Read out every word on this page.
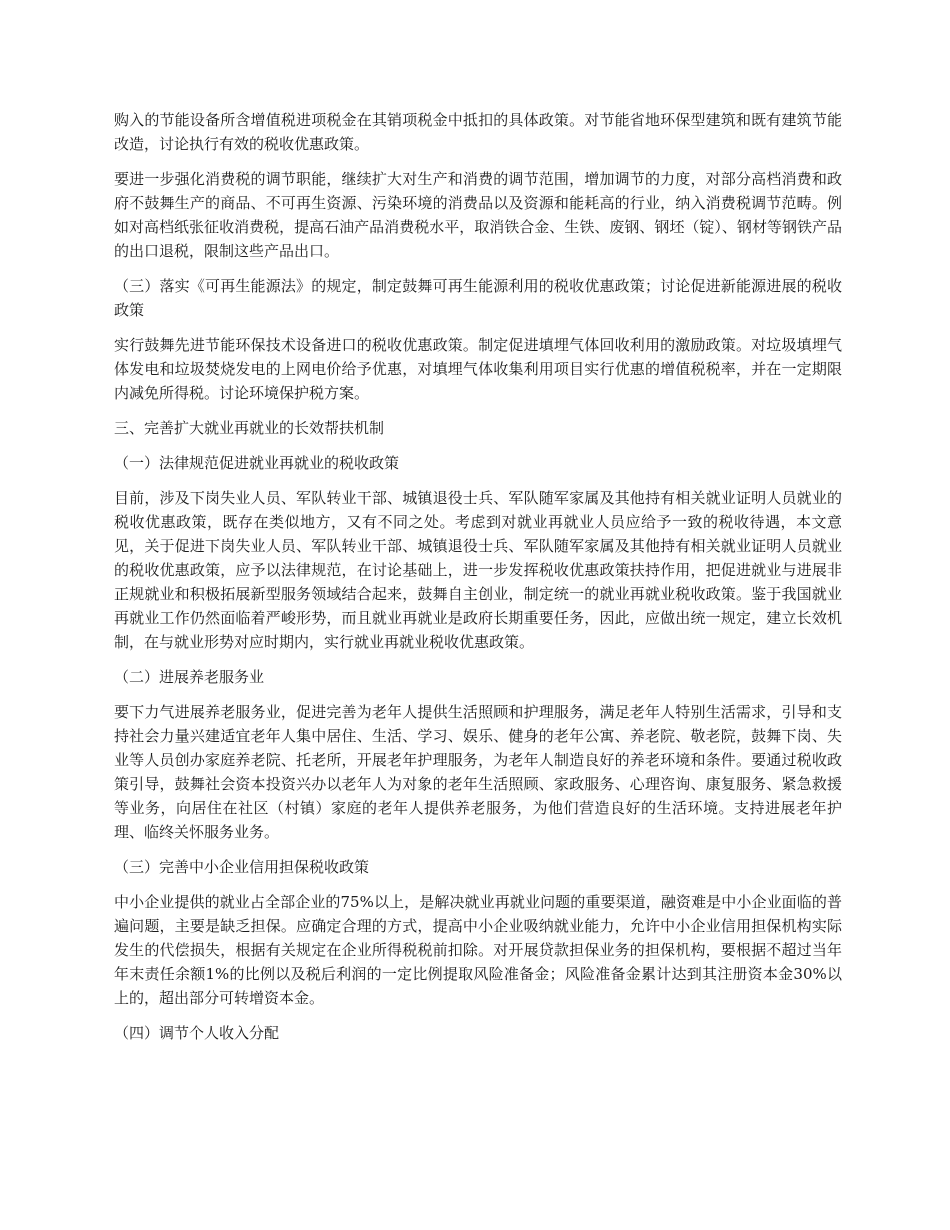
购入的节能设备所含增值税进项税金在其销项税金中抵扣的具体政策。对节能省地环保型建筑和既有建筑节能改造，讨论执行有效的税收优惠政策。

要进一步强化消费税的调节职能，继续扩大对生产和消费的调节范围，增加调节的力度，对部分高档消费和政府不鼓舞生产的商品、不可再生资源、污染环境的消费品以及资源和能耗高的行业，纳入消费税调节范畴。例如对高档纸张征收消费税，提高石油产品消费税水平，取消铁合金、生铁、废钢、钢坯（锭）、钢材等钢铁产品的出口退税，限制这些产品出口。

（三）落实《可再生能源法》的规定，制定鼓舞可再生能源利用的税收优惠政策；讨论促进新能源进展的税收政策

实行鼓舞先进节能环保技术设备进口的税收优惠政策。制定促进填埋气体回收利用的激励政策。对垃圾填埋气体发电和垃圾焚烧发电的上网电价给予优惠，对填埋气体收集利用项目实行优惠的增值税税率，并在一定期限内减免所得税。讨论环境保护税方案。

三、完善扩大就业再就业的长效帮扶机制

（一）法律规范促进就业再就业的税收政策

目前，涉及下岗失业人员、军队转业干部、城镇退役士兵、军队随军家属及其他持有相关就业证明人员就业的税收优惠政策，既存在类似地方，又有不同之处。考虑到对就业再就业人员应给予一致的税收待遇，本文意见，关于促进下岗失业人员、军队转业干部、城镇退役士兵、军队随军家属及其他持有相关就业证明人员就业的税收优惠政策，应予以法律规范，在讨论基础上，进一步发挥税收优惠政策扶持作用，把促进就业与进展非正规就业和积极拓展新型服务领域结合起来，鼓舞自主创业，制定统一的就业再就业税收政策。鉴于我国就业再就业工作仍然面临着严峻形势，而且就业再就业是政府长期重要任务，因此，应做出统一规定，建立长效机制，在与就业形势对应时期内，实行就业再就业税收优惠政策。

（二）进展养老服务业

要下力气进展养老服务业，促进完善为老年人提供生活照顾和护理服务，满足老年人特别生活需求，引导和支持社会力量兴建适宜老年人集中居住、生活、学习、娱乐、健身的老年公寓、养老院、敬老院，鼓舞下岗、失业等人员创办家庭养老院、托老所，开展老年护理服务，为老年人制造良好的养老环境和条件。要通过税收政策引导，鼓舞社会资本投资兴办以老年人为对象的老年生活照顾、家政服务、心理咨询、康复服务、紧急救援等业务，向居住在社区（村镇）家庭的老年人提供养老服务，为他们营造良好的生活环境。支持进展老年护理、临终关怀服务业务。

（三）完善中小企业信用担保税收政策

中小企业提供的就业占全部企业的75%以上，是解决就业再就业问题的重要渠道，融资难是中小企业面临的普遍问题，主要是缺乏担保。应确定合理的方式，提高中小企业吸纳就业能力，允许中小企业信用担保机构实际发生的代偿损失，根据有关规定在企业所得税税前扣除。对开展贷款担保业务的担保机构，要根据不超过当年年末责任余额1%的比例以及税后利润的一定比例提取风险准备金；风险准备金累计达到其注册资本金30%以上的，超出部分可转增资本金。

（四）调节个人收入分配
